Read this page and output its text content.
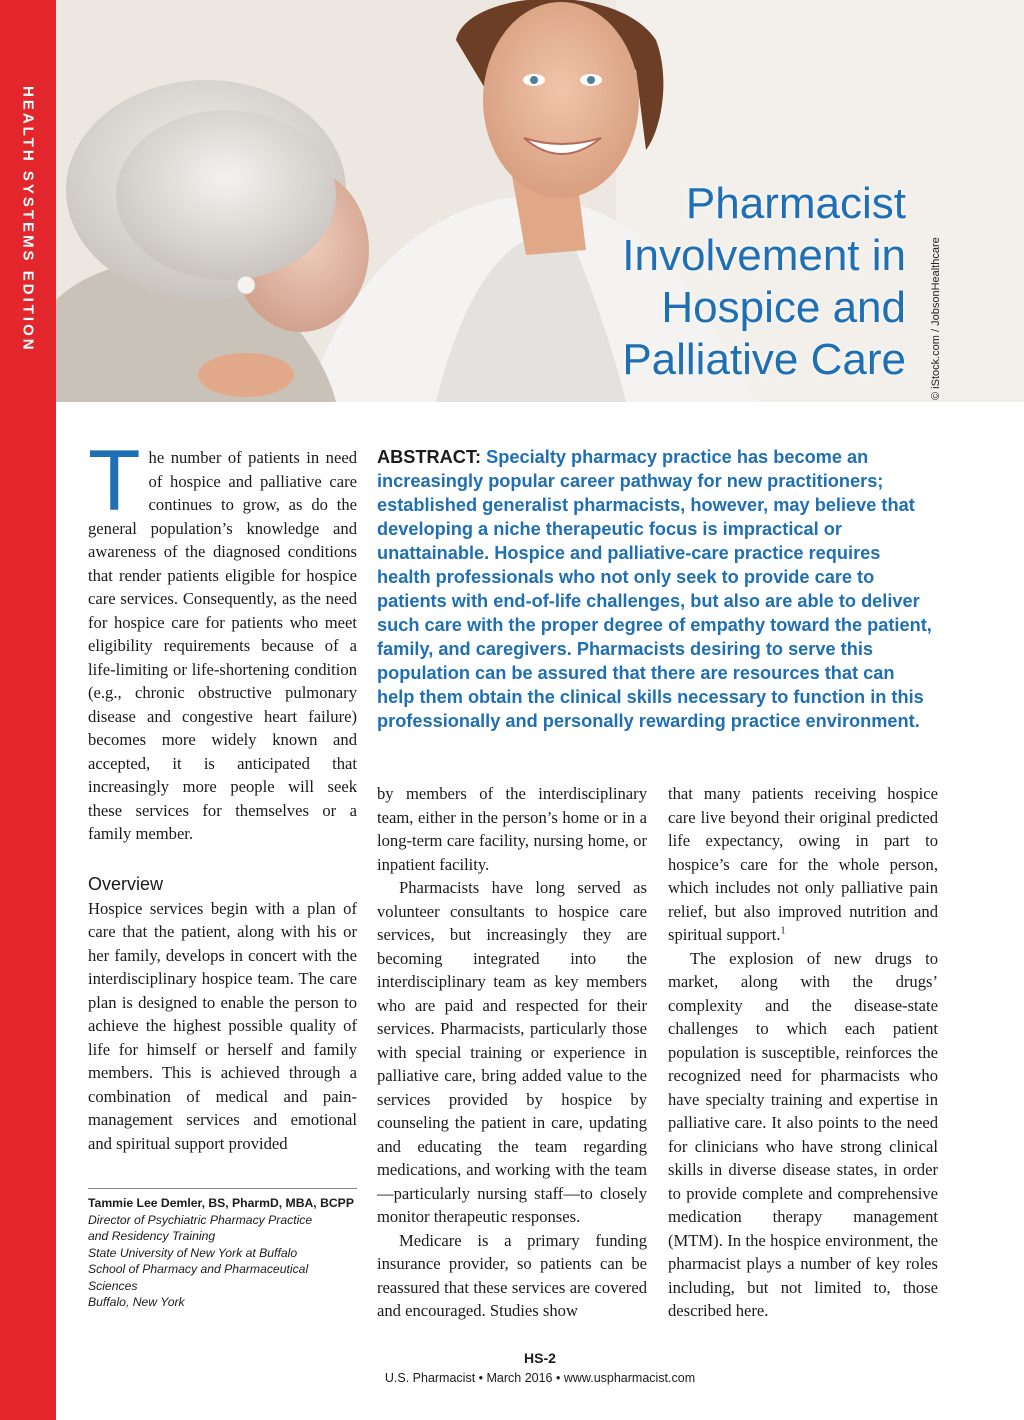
HEALTH SYSTEMS EDITION	Pharmacist
Involvement in
Hospice and
Palliative Care © iStock.com / JobsonHealthcare

The number of patients in need of hospice and palliative care continues to grow, as do the general population’s knowledge and awareness of the diagnosed conditions that render patients eligible for hospice care services. Consequently, as the need for hospice care for patients who meet eligibility requirements because of a life-limiting or life-shortening condition (e.g., chronic obstructive pulmonary disease and congestive heart failure) becomes more widely known and accepted, it is anticipated that increasingly more people will seek these services for themselves or a family member.

Overview

Hospice services begin with a plan of care that the patient, along with his or her family, develops in concert with the interdisciplinary hospice team. The care plan is designed to enable the person to achieve the highest possible quality of life for himself or herself and family members. This is achieved through a combination of medical and pain-management services and emotional and spiritual support provided

Tammie Lee Demler, BS, PharmD, MBA, BCPP
Director of Psychiatric Pharmacy Practice
and Residency Training
State University of New York at Buffalo
School of Pharmacy and Pharmaceutical
Sciences
Buffalo, New York
ABSTRACT: Specialty pharmacy practice has become an increasingly popular career pathway for new practitioners; established generalist pharmacists, however, may believe that developing a niche therapeutic focus is impractical or unattainable. Hospice and palliative-care practice requires health professionals who not only seek to provide care to patients with end-of-life challenges, but also are able to deliver such care with the proper degree of empathy toward the patient, family, and caregivers. Pharmacists desiring to serve this population can be assured that there are resources that can help them obtain the clinical skills necessary to function in this professionally and personally rewarding practice environment.

by members of the interdisciplinary team, either in the person’s home or in a long-term care facility, nursing home, or inpatient facility.

Pharmacists have long served as volunteer consultants to hospice care services, but increasingly they are becoming integrated into the interdisciplinary team as key members who are paid and respected for their services. Pharmacists, particularly those with special training or experience in palliative care, bring added value to the services provided by hospice by counseling the patient in care, updating and educating the team regarding medications, and working with the team—particularly nursing staff—to closely monitor therapeutic responses.

Medicare is a primary funding insurance provider, so patients can be reassured that these services are covered and encouraged. Studies show

that many patients receiving hospice care live beyond their original predicted life expectancy, owing in part to hospice’s care for the whole person, which includes not only palliative pain relief, but also improved nutrition and spiritual support.$^1$

The explosion of new drugs to market, along with the drugs’ complexity and the disease-state challenges to which each patient population is susceptible, reinforces the recognized need for pharmacists who have specialty training and expertise in palliative care. It also points to the need for clinicians who have strong clinical skills in diverse disease states, in order to provide complete and comprehensive medication therapy management (MTM). In the hospice environment, the pharmacist plays a number of key roles including, but not limited to, those described here.

HS-2
U.S. Pharmacist • March 2016 • www.uspharmacist.com
